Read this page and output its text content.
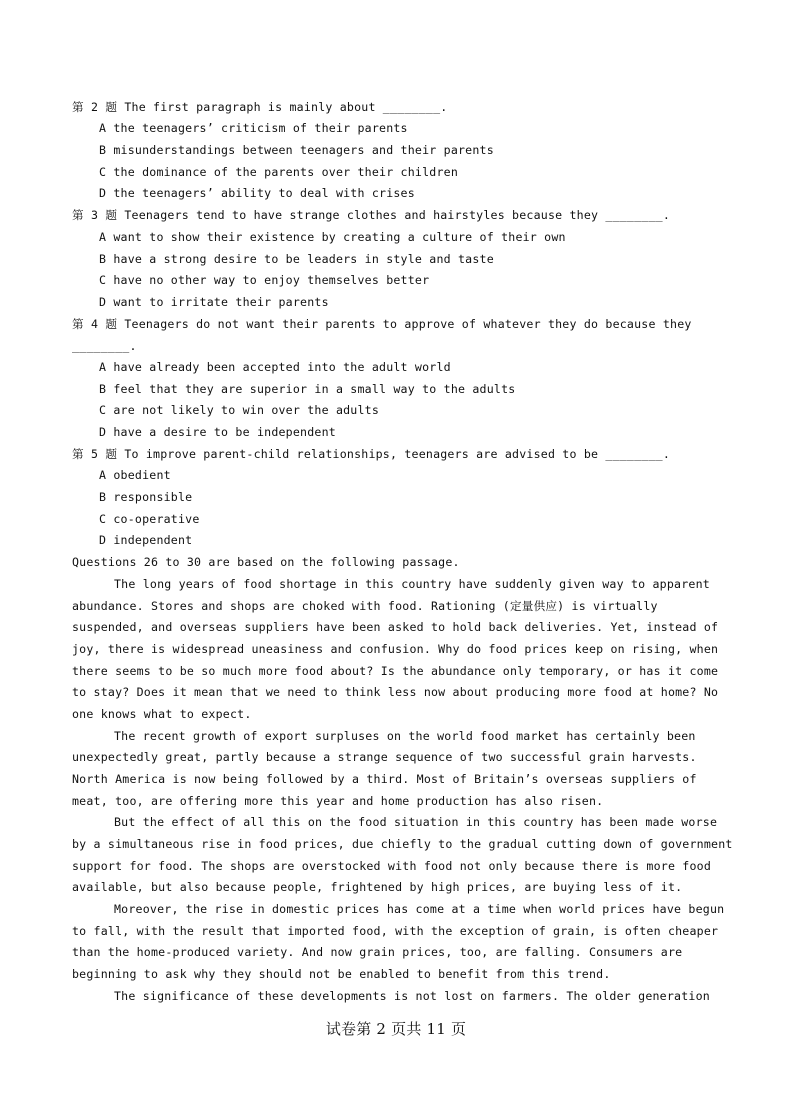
第 2 题 The first paragraph is mainly about ________.
A the teenagers’ criticism of their parents
B misunderstandings between teenagers and their parents
C the dominance of the parents over their children
D the teenagers’ ability to deal with crises
第 3 题 Teenagers tend to have strange clothes and hairstyles because they ________.
A want to show their existence by creating a culture of their own
B have a strong desire to be leaders in style and taste
C have no other way to enjoy themselves better
D want to irritate their parents
第 4 题 Teenagers do not want their parents to approve of whatever they do because they
________.
A have already been accepted into the adult world
B feel that they are superior in a small way to the adults
C are not likely to win over the adults
D have a desire to be independent
第 5 题 To improve parent-child relationships, teenagers are advised to be ________.
A obedient
B responsible
C co-operative
D independent
Questions 26 to 30 are based on the following passage.
The long years of food shortage in this country have suddenly given way to apparent
abundance. Stores and shops are choked with food. Rationing (定量供应) is virtually
suspended, and overseas suppliers have been asked to hold back deliveries. Yet, instead of
joy, there is widespread uneasiness and confusion. Why do food prices keep on rising, when
there seems to be so much more food about? Is the abundance only temporary, or has it come
to stay? Does it mean that we need to think less now about producing more food at home? No
one knows what to expect.
The recent growth of export surpluses on the world food market has certainly been
unexpectedly great, partly because a strange sequence of two successful grain harvests.
North America is now being followed by a third. Most of Britain’s overseas suppliers of
meat, too, are offering more this year and home production has also risen.
But the effect of all this on the food situation in this country has been made worse
by a simultaneous rise in food prices, due chiefly to the gradual cutting down of government
support for food. The shops are overstocked with food not only because there is more food
available, but also because people, frightened by high prices, are buying less of it.
Moreover, the rise in domestic prices has come at a time when world prices have begun
to fall, with the result that imported food, with the exception of grain, is often cheaper
than the home-produced variety. And now grain prices, too, are falling. Consumers are
beginning to ask why they should not be enabled to benefit from this trend.
The significance of these developments is not lost on farmers. The older generation
试卷第 2 页共 11 页
